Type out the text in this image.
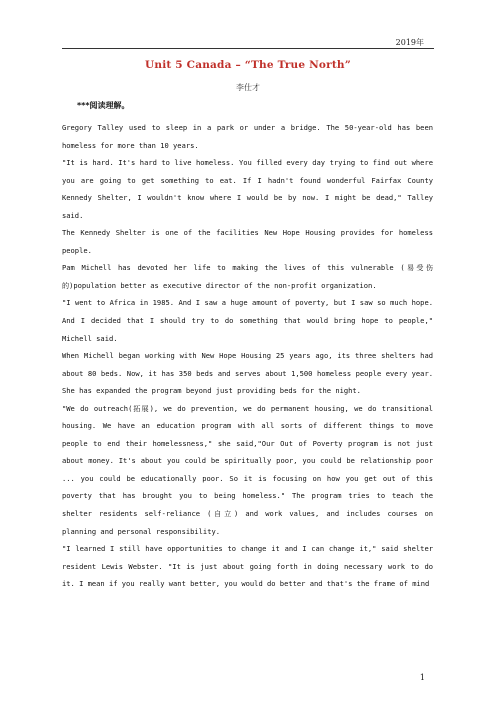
2019年
Unit 5 Canada – “The True North”
李仕才
***阅读理解。

Gregory Talley used to sleep in a park or under a bridge. The 50-year-old has been homeless for more than 10 years.

"It is hard. It's hard to live homeless. You filled every day trying to find out where you are going to get something to eat. If I hadn't found wonderful Fairfax County Kennedy Shelter, I wouldn't know where I would be by now. I might be dead," Talley said.

The Kennedy Shelter is one of the facilities New Hope Housing provides for homeless people.

Pam Michell has devoted her life to making the lives of this vulnerable (易受伤的)population better as executive director of the non-profit organization.

"I went to Africa in 1985. And I saw a huge amount of poverty, but I saw so much hope. And I decided that I should try to do something that would bring hope to people," Michell said.

When Michell began working with New Hope Housing 25 years ago, its three shelters had about 80 beds. Now, it has 350 beds and serves about 1,500 homeless people every year. She has expanded the program beyond just providing beds for the night.

"We do outreach(拓展), we do prevention, we do permanent housing, we do transitional housing. We have an education program with all sorts of different things to move people to end their homelessness," she said,"Our Out of Poverty program is not just about money. It's about you could be spiritually poor, you could be relationship poor ... you could be educationally poor. So it is focusing on how you get out of this poverty that has brought you to being homeless." The program tries to teach the shelter residents self-reliance (自立) and work values, and includes courses on planning and personal responsibility.

"I learned I still have opportunities to change it and I can change it," said shelter resident Lewis Webster. "It is just about going forth in doing necessary work to do it. I mean if you really want better, you would do better and that's the frame of mind

1
